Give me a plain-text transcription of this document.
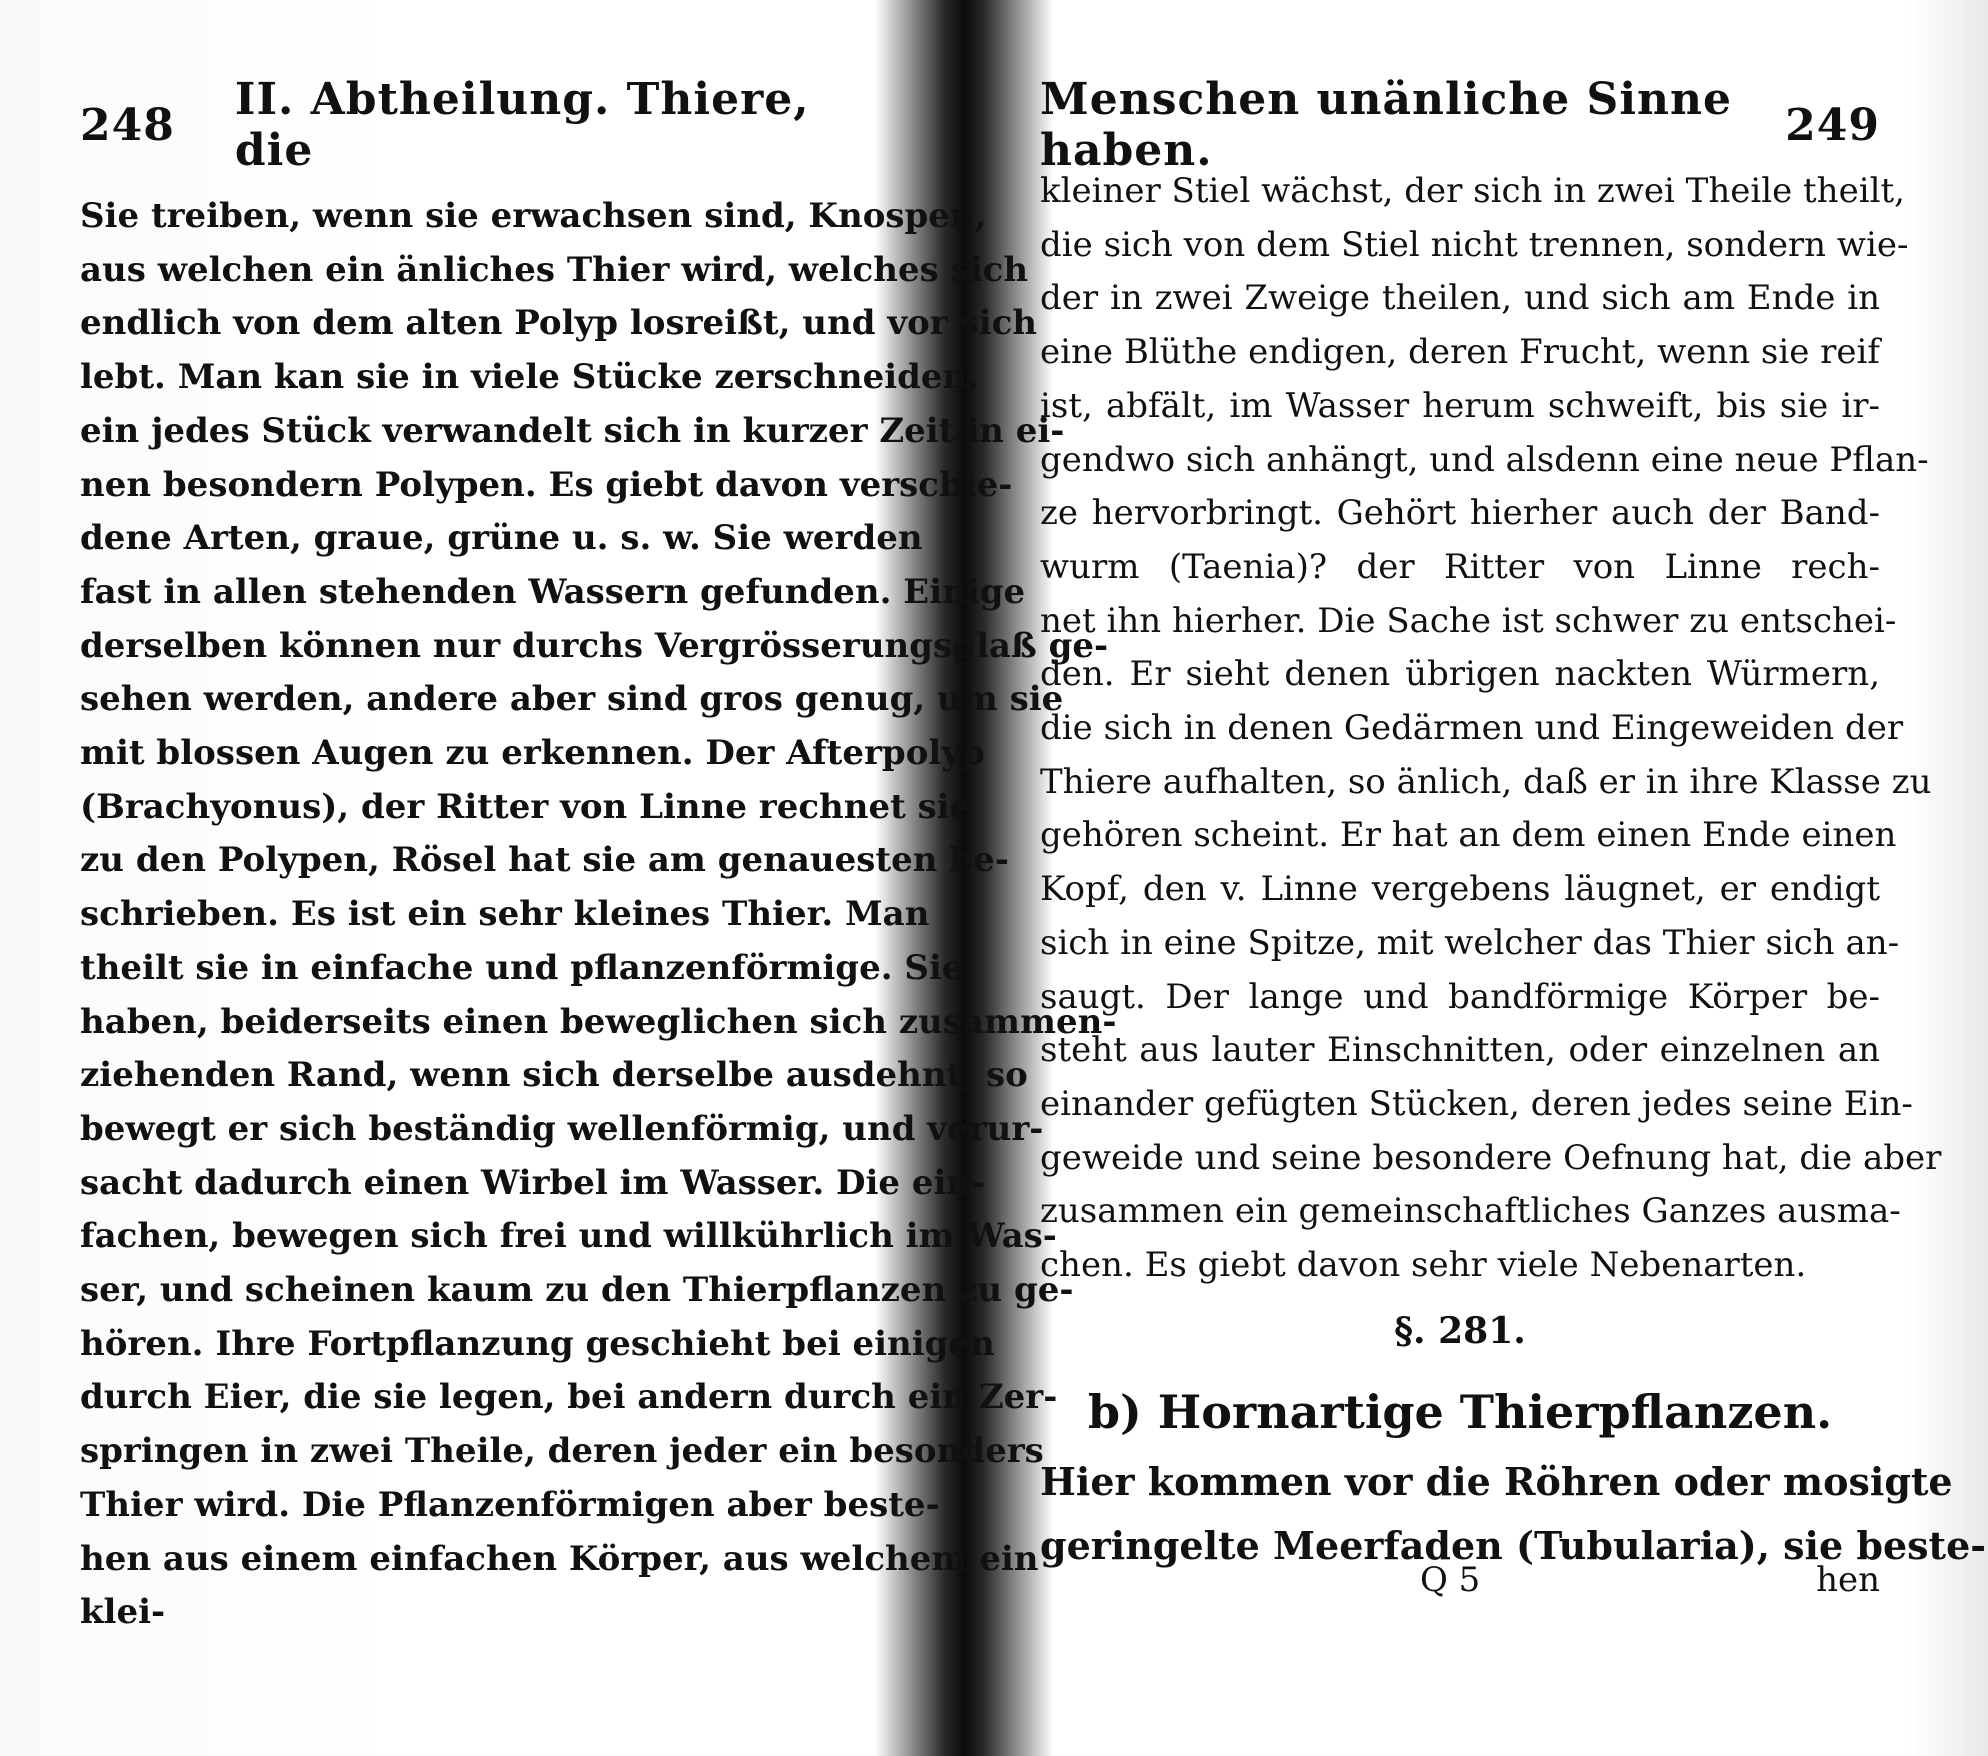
248 II. Abtheilung. Thiere, die
Sie treiben, wenn sie erwachsen sind, Knospen,
aus welchen ein änliches Thier wird, welches sich
endlich von dem alten Polyp losreißt, und vor sich
lebt. Man kan sie in viele Stücke zerschneiden,
ein jedes Stück verwandelt sich in kurzer Zeit in ei-
nen besondern Polypen. Es giebt davon verschie-
dene Arten, graue, grüne u. s. w. Sie werden
fast in allen stehenden Wassern gefunden. Einige
derselben können nur durchs Vergrösserungsglaß ge-
sehen werden, andere aber sind gros genug, um sie
mit blossen Augen zu erkennen. Der Afterpolyp
(Brachyonus), der Ritter von Linne rechnet sie
zu den Polypen, Rösel hat sie am genauesten be-
schrieben. Es ist ein sehr kleines Thier. Man
theilt sie in einfache und pflanzenförmige. Sie
haben, beiderseits einen beweglichen sich zusammen-
ziehenden Rand, wenn sich derselbe ausdehnt, so
bewegt er sich beständig wellenförmig, und verur-
sacht dadurch einen Wirbel im Wasser. Die ein-
fachen, bewegen sich frei und willkührlich im Was-
ser, und scheinen kaum zu den Thierpflanzen zu ge-
hören. Ihre Fortpflanzung geschieht bei einigen
durch Eier, die sie legen, bei andern durch ein Zer-
springen in zwei Theile, deren jeder ein besonders
Thier wird. Die Pflanzenförmigen aber beste-
hen aus einem einfachen Körper, aus welchem ein
klei-
Menschen unänliche Sinne haben.	249
kleiner Stiel wächst, der sich in zwei Theile theilt,
die sich von dem Stiel nicht trennen, sondern wie-
der in zwei Zweige theilen, und sich am Ende in
eine Blüthe endigen, deren Frucht, wenn sie reif
ist, abfält, im Wasser herum schweift, bis sie ir-
gendwo sich anhängt, und alsdenn eine neue Pflan-
ze hervorbringt. Gehört hierher auch der Band-
wurm (Taenia)? der Ritter von Linne rech-
net ihn hierher. Die Sache ist schwer zu entschei-
den. Er sieht denen übrigen nackten Würmern,
die sich in denen Gedärmen und Eingeweiden der
Thiere aufhalten, so änlich, daß er in ihre Klasse zu
gehören scheint. Er hat an dem einen Ende einen
Kopf, den v. Linne vergebens läugnet, er endigt
sich in eine Spitze, mit welcher das Thier sich an-
saugt. Der lange und bandförmige Körper be-
steht aus lauter Einschnitten, oder einzelnen an
einander gefügten Stücken, deren jedes seine Ein-
geweide und seine besondere Oefnung hat, die aber
zusammen ein gemeinschaftliches Ganzes ausma-
chen. Es giebt davon sehr viele Nebenarten.
§. 281.
b) Hornartige Thierpflanzen.
Hier kommen vor die Röhren oder mosigte
geringelte Meerfaden (Tubularia), sie beste-
Q 5	hen
